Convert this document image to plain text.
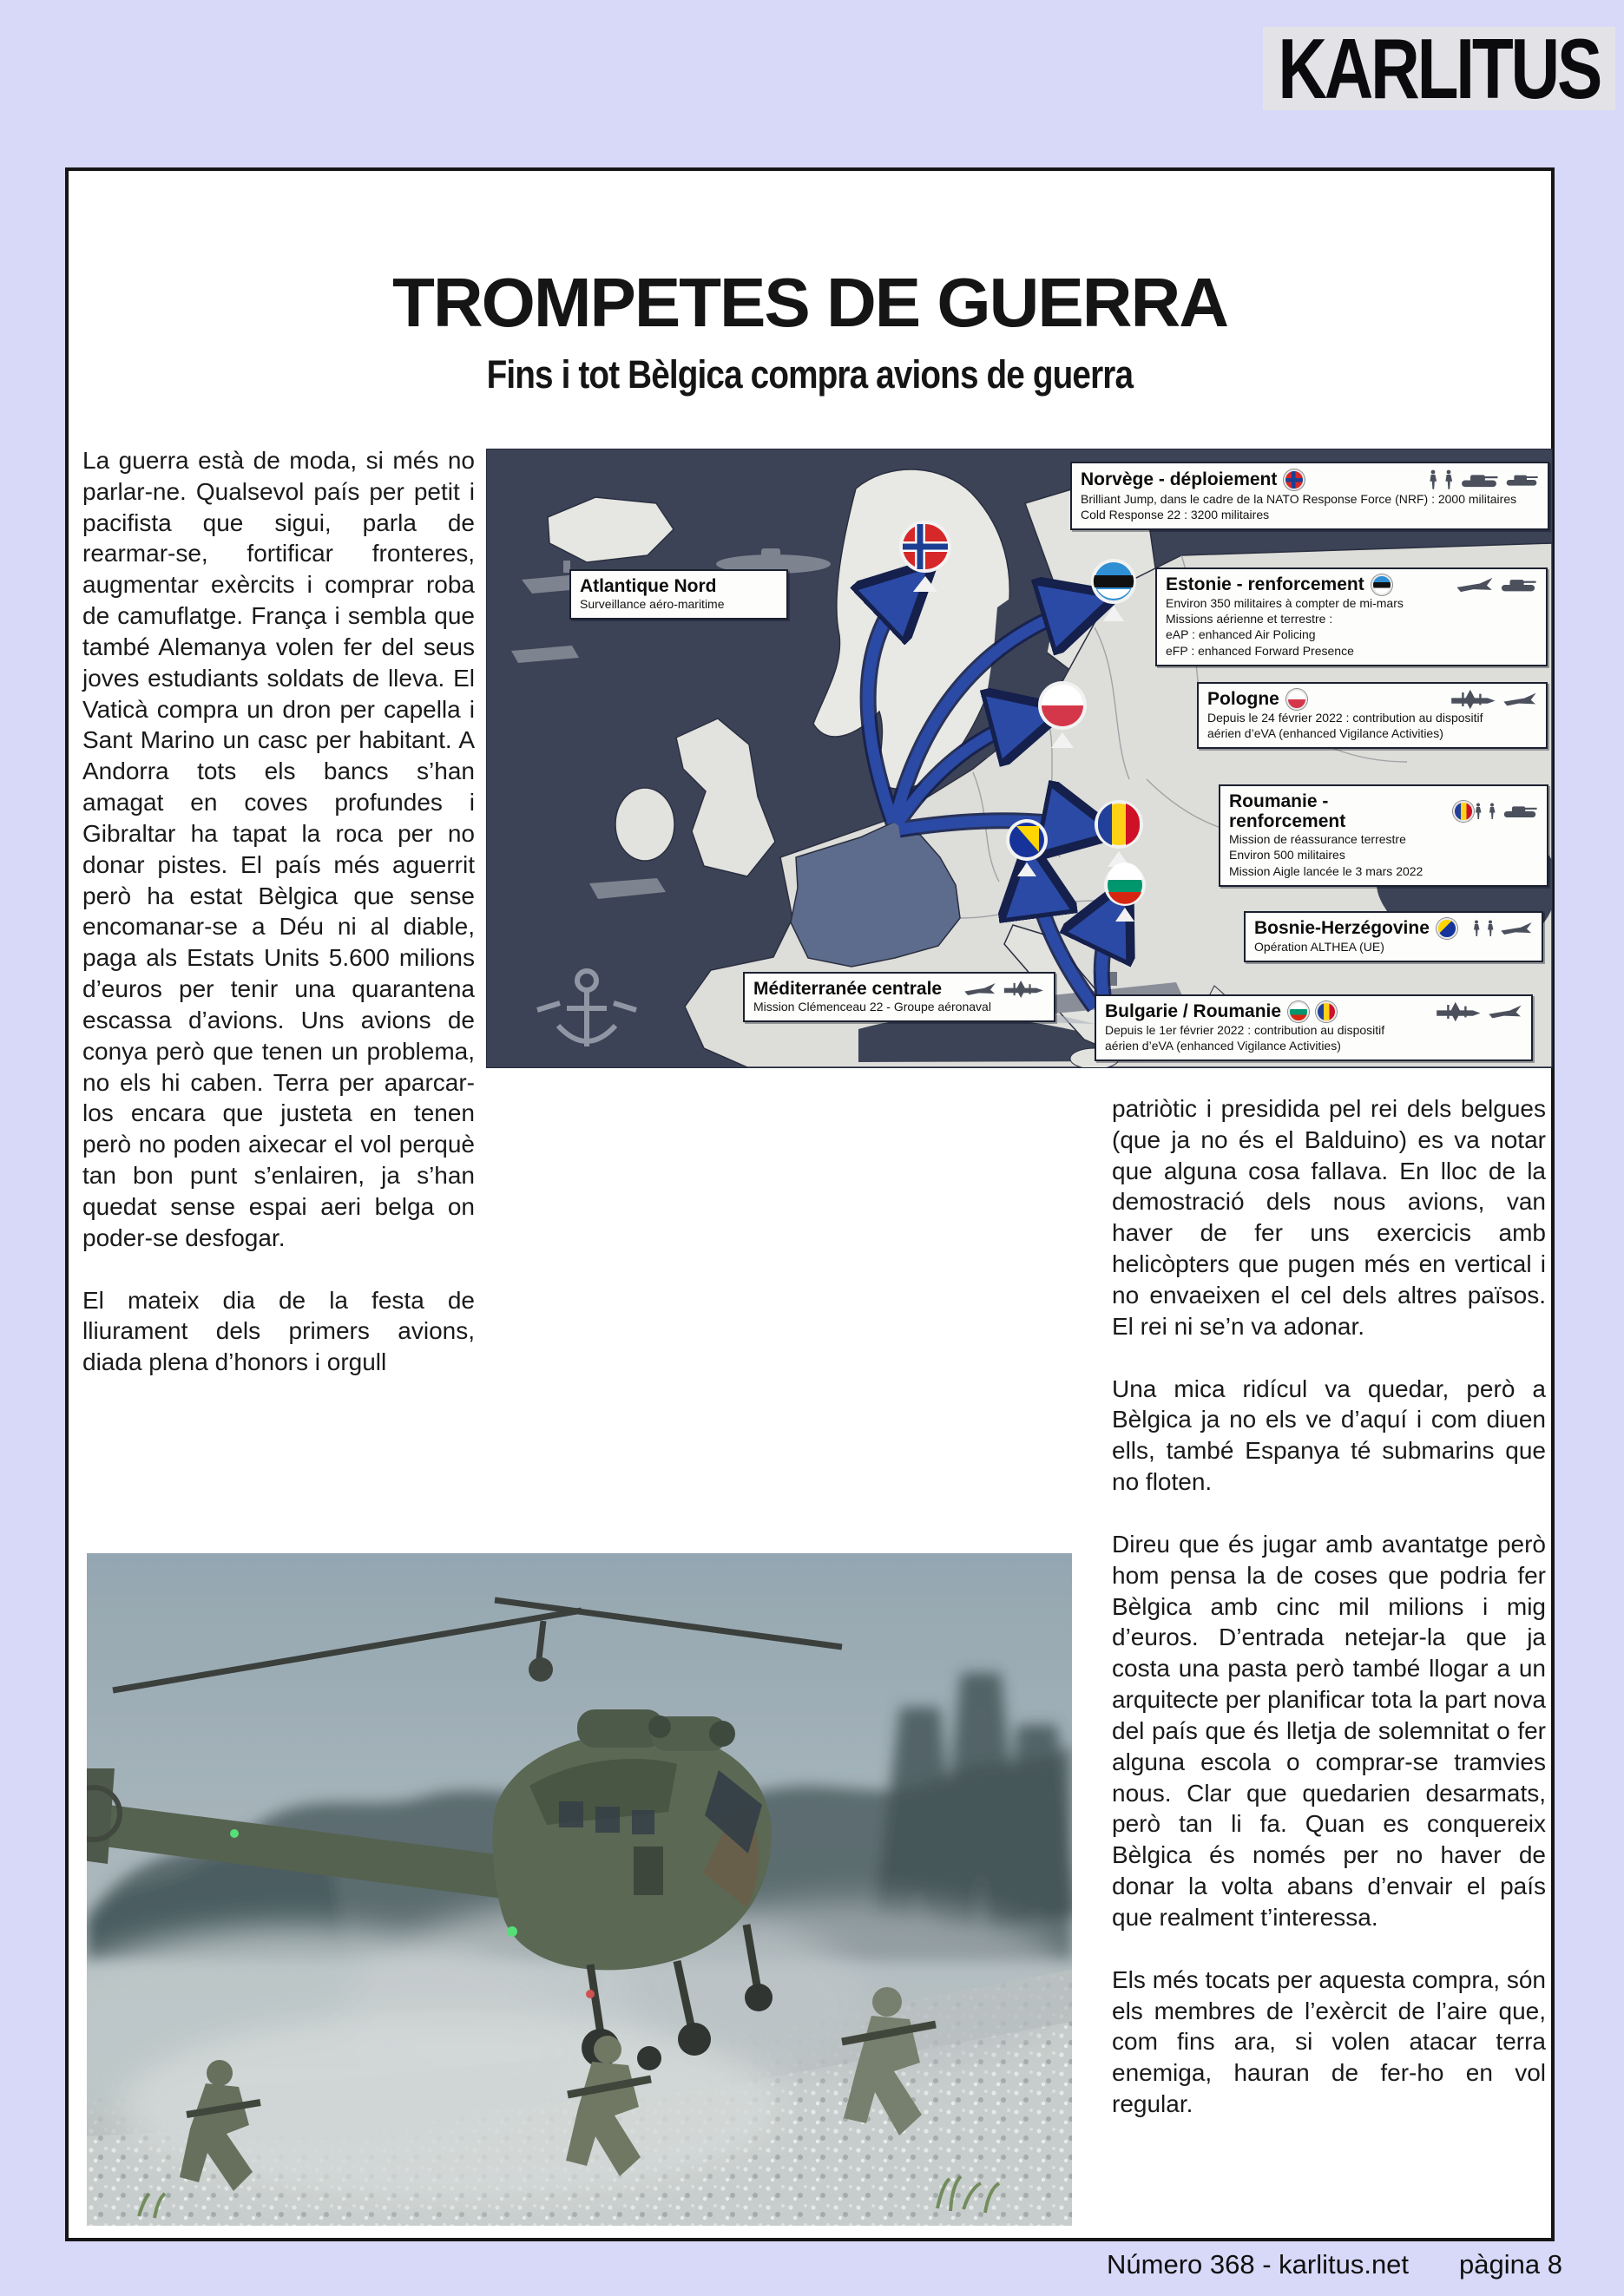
KARLITUS
TROMPETES DE GUERRA
Fins i tot Bèlgica compra avions de guerra

La guerra està de moda, si més no parlar-ne. Qualsevol país per petit i pacifista que sigui, parla de rearmar-se, fortificar fronteres, augmentar exèrcits i comprar roba de camuflatge. França i sembla que també Alemanya volen fer del seus joves estudiants soldats de lleva. El Vaticà compra un dron per capella i Sant Marino un casc per habitant. A Andorra tots els bancs s’han amagat en coves profundes i Gibraltar ha tapat la roca per no donar pistes. El país més aguerrit però ha estat Bèlgica que sense encomanar-se a Déu ni al diable, paga als Estats Units 5.600 milions d’euros per tenir una quarantena escassa d’avions. Uns avions de conya però que tenen un problema, no els hi caben. Terra per aparcar-los encara que justeta en tenen però no poden aixecar el vol perquè tan bon punt s’enlairen, ja s’han quedat sense espai aeri belga on poder-se desfogar.

El mateix dia de la festa de lliurament dels primers avions, diada plena d’honors i orgull

Atlantique Nord
Surveillance aéro-maritime
Norvège - déploiement
Brilliant Jump, dans le cadre de la NATO Response Force (NRF) : 2000 militaires
Cold Response 22 : 3200 militaires
Estonie - renforcement
Environ 350 militaires à compter de mi-mars
Missions aérienne et terrestre :
eAP : enhanced Air Policing
eFP : enhanced Forward Presence
Pologne
Depuis le 24 février 2022 : contribution au dispositif
aérien d’eVA (enhanced Vigilance Activities)
Roumanie - renforcement
Mission de réassurance terrestre
Environ 500 militaires
Mission Aigle lancée le 3 mars 2022
Bosnie-Herzégovine
Opération ALTHEA (UE)
Bulgarie / Roumanie
Depuis le 1er février 2022 : contribution au dispositif
aérien d’eVA (enhanced Vigilance Activities)
Méditerranée centrale
Mission Clémenceau 22 - Groupe aéronaval

patriòtic i presidida pel rei dels belgues (que ja no és el Balduino) es va notar que alguna cosa fallava. En lloc de la demostració dels nous avions, van haver de fer uns exercicis amb helicòpters que pugen més en vertical i no envaeixen el cel dels altres països. El rei ni se’n va adonar.

Una mica ridícul va quedar, però a Bèlgica ja no els ve d’aquí i com diuen ells, també Espanya té submarins que no floten.

Direu que és jugar amb avantatge però hom pensa la de coses que podria fer Bèlgica amb cinc mil milions i mig d’euros. D’entrada netejar-la que ja costa una pasta però també llogar a un arquitecte per planificar tota la part nova del país que és lletja de solemnitat o fer alguna escola o comprar-se tramvies nous. Clar que quedarien desarmats, però tan li fa. Quan es conquereix Bèlgica és només per no haver de donar la volta abans d’envair el país que realment t’interessa.

Els més tocats per aquesta compra, són els membres de l’exèrcit de l’aire que, com fins ara, si volen atacar terra enemiga, hauran de fer-ho en vol regular.

Número 368 - karlitus.net pàgina 8
